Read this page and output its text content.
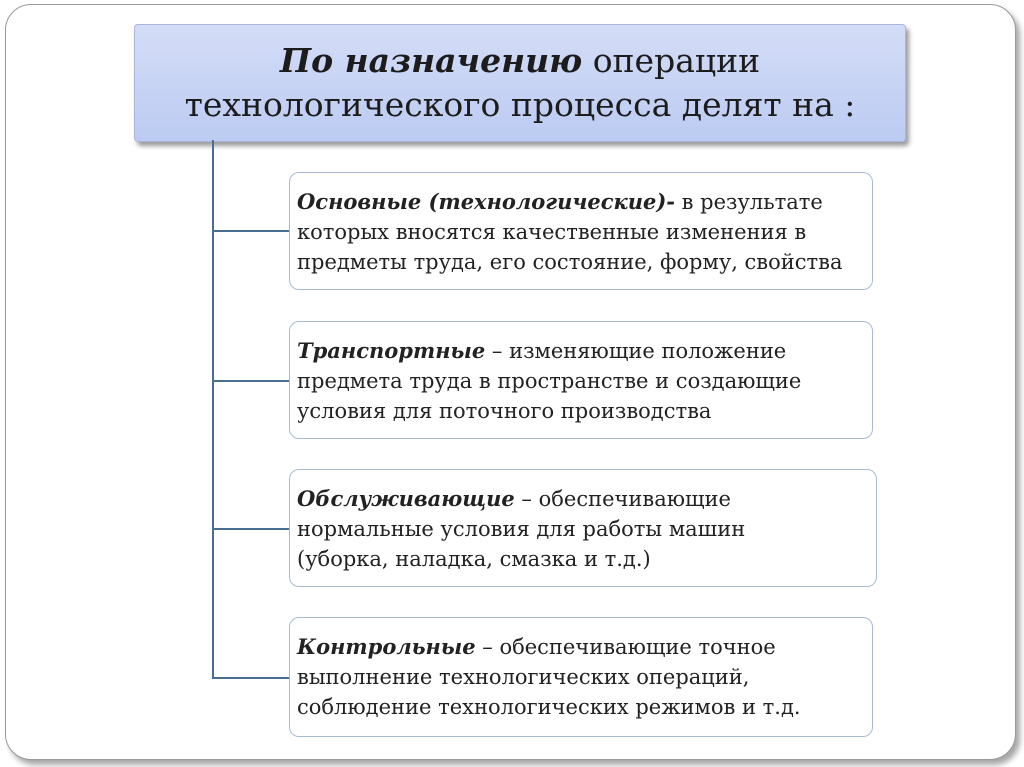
По назначению операции
технологического процесса делят на :
Основные (технологические)- в результате
которых вносятся качественные изменения в
предметы труда, его состояние, форму, свойства
Транспортные – изменяющие положение
предмета труда в пространстве и создающие
условия для поточного производства
Обслуживающие – обеспечивающие
нормальные условия для работы машин
(уборка, наладка, смазка и т.д.)
Контрольные – обеспечивающие точное
выполнение технологических операций,
соблюдение технологических режимов и т.д.
